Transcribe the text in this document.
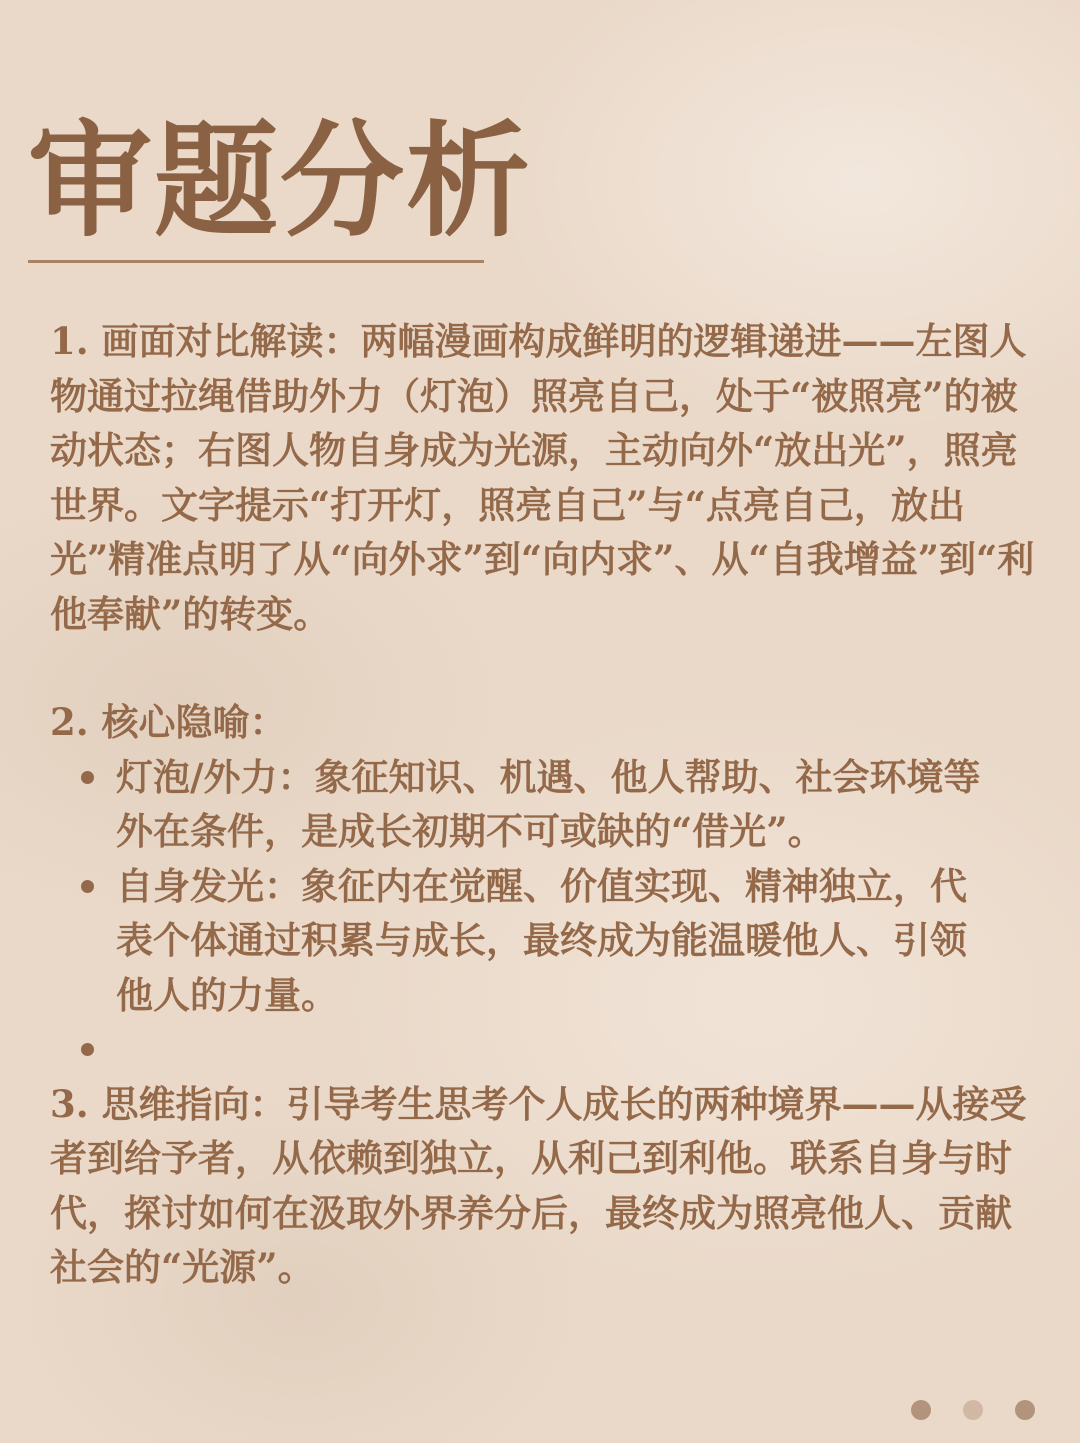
审题分析

1. 画面对比解读：两幅漫画构成鲜明的逻辑递进——左图人物通过拉绳借助外力（灯泡）照亮自己，处于“被照亮”的被动状态；右图人物自身成为光源，主动向外“放出光”，照亮世界。文字提示“打开灯，照亮自己”与“点亮自己，放出光”精准点明了从“向外求”到“向内求”、从“自我增益”到“利他奉献”的转变。

2. 核心隐喻：

灯泡/外力：象征知识、机遇、他人帮助、社会环境等外在条件，是成长初期不可或缺的“借光”。
自身发光：象征内在觉醒、价值实现、精神独立，代表个体通过积累与成长，最终成为能温暖他人、引领他人的力量。

3. 思维指向：引导考生思考个人成长的两种境界——从接受者到给予者，从依赖到独立，从利己到利他。联系自身与时代，探讨如何在汲取外界养分后，最终成为照亮他人、贡献社会的“光源”。
